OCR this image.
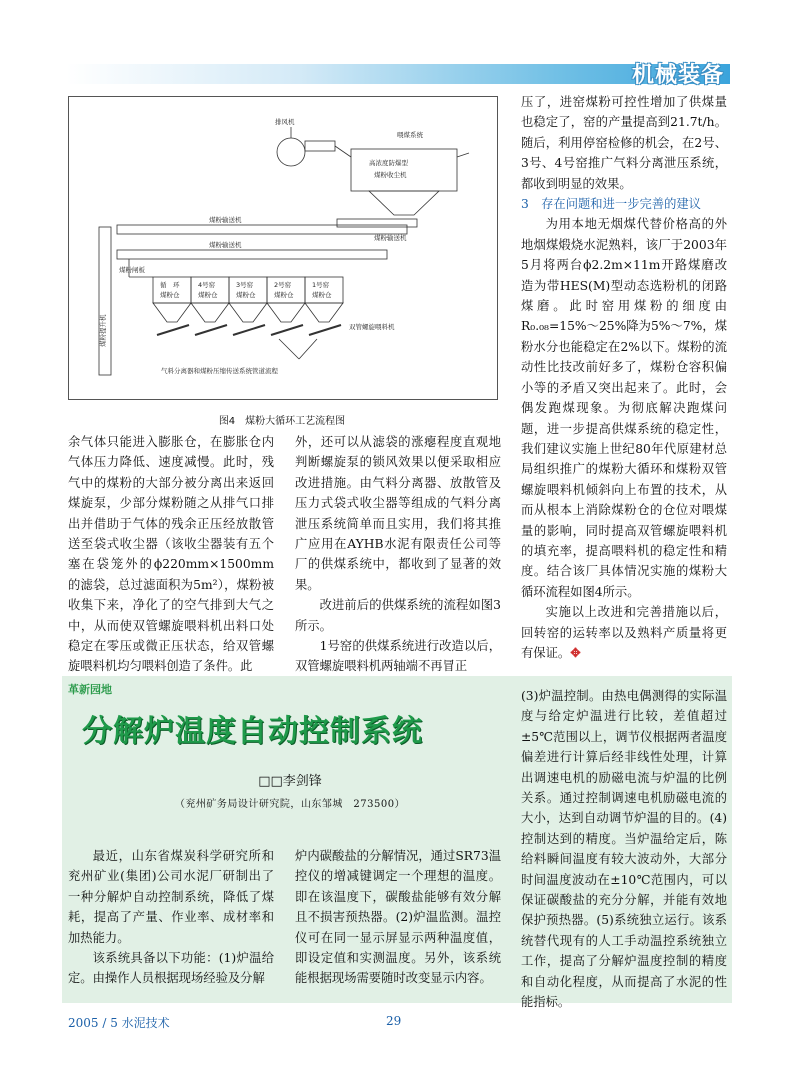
机械装备
煤粉提升机
煤粉输送机
煤粉输送机
煤粉输送机
排风机
高浓度防爆型
煤粉收尘机
喂煤系统
循　环
煤粉仓
4号窑
煤粉仓
3号窑
煤粉仓
2号窑
煤粉仓
1号窑
煤粉仓
煤粉闸板
双管螺旋喂料机
气料分离器和煤粉压缩传送系统管道流程
图4　煤粉大循环工艺流程图

余气体只能进入膨胀仓，在膨胀仓内气体压力降低、速度减慢。此时，残气中的煤粉的大部分被分离出来返回煤旋泵，少部分煤粉随之从排气口排出并借助于气体的残余正压经放散管送至袋式收尘器（该收尘器装有五个塞在袋笼外的ϕ220mm×1500mm的滤袋，总过滤面积为5m²），煤粉被收集下来，净化了的空气排到大气之中，从而使双管螺旋喂料机出料口处稳定在零压或微正压状态，给双管螺旋喂料机均匀喂料创造了条件。此

外，还可以从滤袋的涨瘪程度直观地判断螺旋泵的锁风效果以便采取相应改进措施。由气料分离器、放散管及压力式袋式收尘器等组成的气料分离泄压系统简单而且实用，我们将其推广应用在AYHB水泥有限责任公司等厂的供煤系统中，都收到了显著的效果。

改进前后的供煤系统的流程如图3所示。

1号窑的供煤系统进行改造以后，双管螺旋喂料机两轴端不再冒正

压了，进窑煤粉可控性增加了供煤量也稳定了，窑的产量提高到21.7t/h。随后，利用停窑检修的机会，在2号、3号、4号窑推广气料分离泄压系统，都收到明显的效果。

3　存在问题和进一步完善的建议

为用本地无烟煤代替价格高的外地烟煤煅烧水泥熟料，该厂于2003年5月将两台ϕ2.2m×11m开路煤磨改造为带HES(M)型动态选粉机的闭路煤磨。此时窑用煤粉的细度由R₀.₀₈=15%～25%降为5%～7%，煤粉水分也能稳定在2%以下。煤粉的流动性比技改前好多了，煤粉仓容积偏小等的矛盾又突出起来了。此时，会偶发跑煤现象。为彻底解决跑煤问题，进一步提高供煤系统的稳定性，我们建议实施上世纪80年代原建材总局组织推广的煤粉大循环和煤粉双管螺旋喂料机倾斜向上布置的技术，从而从根本上消除煤粉仓的仓位对喂煤量的影响，同时提高双管螺旋喂料机的填充率，提高喂料机的稳定性和精度。结合该厂具体情况实施的煤粉大循环流程如图4所示。

实施以上改进和完善措施以后，回转窑的运转率以及熟料产质量将更有保证。✥

革新园地
分解炉温度自动控制系统
□□李剑锋
（兖州矿务局设计研究院，山东邹城　273500）

最近，山东省煤炭科学研究所和兖州矿业(集团)公司水泥厂研制出了一种分解炉自动控制系统，降低了煤耗，提高了产量、作业率、成材率和加热能力。

该系统具备以下功能：(1)炉温给定。由操作人员根据现场经验及分解

炉内碳酸盐的分解情况，通过SR73温控仪的增减键调定一个理想的温度。即在该温度下，碳酸盐能够有效分解且不损害预热器。(2)炉温监测。温控仪可在同一显示屏显示两种温度值，即设定值和实测温度。另外，该系统能根据现场需要随时改变显示内容。

(3)炉温控制。由热电偶测得的实际温度与给定炉温进行比较，差值超过±5℃范围以上，调节仪根据两者温度偏差进行计算后经非线性处理，计算出调速电机的励磁电流与炉温的比例关系。通过控制调速电机励磁电流的大小，达到自动调节炉温的目的。(4)控制达到的精度。当炉温给定后，陈给料瞬间温度有较大波动外，大部分时间温度波动在±10℃范围内，可以保证碳酸盐的充分分解，并能有效地保护预热器。(5)系统独立运行。该系统替代现有的人工手动温控系统独立工作，提高了分解炉温度控制的精度和自动化程度，从而提高了水泥的性能指标。

2005 / 5 水泥技术	29
